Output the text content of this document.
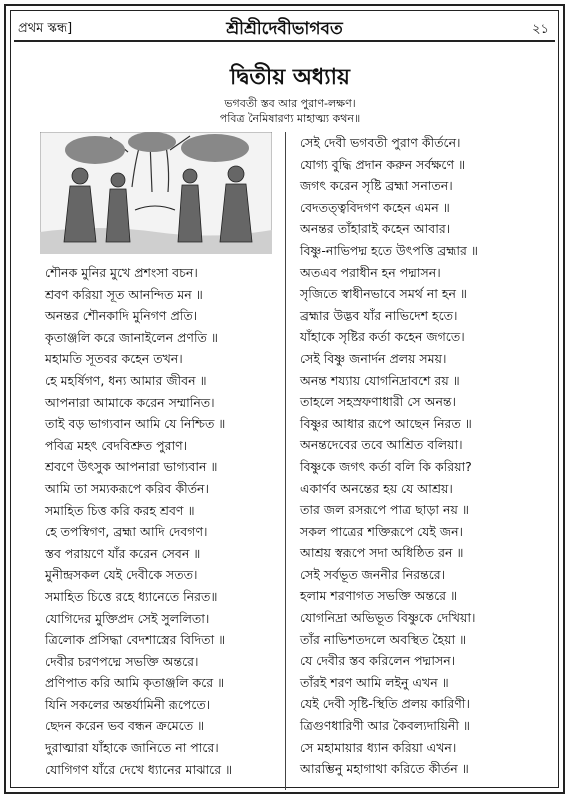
প্রথম স্কন্ধ]	শ্রীশ্রীদেবীভাগবত	২১
দ্বিতীয় অধ্যায়
ভগবতী স্তব আর পুরাণ-লক্ষণ।
পবিত্র নৈমিষারণ্য মাহাত্ম্য কথন॥
শৌনক মুনির মুখে প্রশংসা বচন।
শ্রবণ করিয়া সূত আনন্দিত মন ॥
অনন্তর শৌনকাদি মুনিগণ প্রতি।
কৃতাঞ্জলি করে জানাইলেন প্রণতি ॥
মহামতি সূতবর কহেন তখন।
হে মহর্ষিগণ, ধন্য আমার জীবন ॥
আপনারা আমাকে করেন সম্মানিত।
তাই বড় ভাগ্যবান আমি যে নিশ্চিত ॥
পবিত্র মহৎ বেদবিশ্রুত পুরাণ।
শ্রবণে উৎসুক আপনারা ভাগ্যবান ॥
আমি তা সম্যকরূপে করিব কীর্তন।
সমাহিত চিত্ত করি করহ শ্রবণ ॥
হে তপস্বিগণ, ব্রহ্মা আদি দেবগণ।
স্তব পরায়ণে যাঁর করেন সেবন ॥
মুনীন্দ্রসকল যেই দেবীকে সতত।
সমাহিত চিত্তে রহে ধ্যানেতে নিরত॥
যোগিদের মুক্তিপ্রদ সেই সুললিতা।
ত্রিলোক প্রসিদ্ধা বেদশাস্ত্রের বিদিতা ॥
দেবীর চরণপদ্মে সভক্তি অন্তরে।
প্রণিপাত করি আমি কৃতাঞ্জলি করে ॥
যিনি সকলের অন্তর্যামিনী রূপেতে।
ছেদন করেন ভব বন্ধন ক্রমেতে ॥
দুরাত্মারা যাঁহাকে জানিতে না পারে।
যোগিগণ যাঁরে দেখে ধ্যানের মাঝারে ॥
সেই দেবী ভগবতী পুরাণ কীর্তনে।
যোগ্য বুদ্ধি প্রদান করুন সর্বক্ষণে ॥
জগৎ করেন সৃষ্টি ব্রহ্মা সনাতন।
বেদতত্ত্ববিদগণ কহেন এমন ॥
অনন্তর তাঁহারাই কহেন আবার।
বিষ্ণু-নাভিপদ্ম হতে উৎপত্তি ব্রহ্মার ॥
অতএব পরাধীন হন পদ্মাসন।
সৃজিতে স্বাধীনভাবে সমর্থ না হন ॥
ব্রহ্মার উদ্ভব যাঁর নাভিদেশ হতে।
যাঁহাকে সৃষ্টির কর্তা কহেন জগতে।
সেই বিষ্ণু জনার্দন প্রলয় সময়।
অনন্ত শয্যায় যোগনিদ্রাবশে রয় ॥
তাহলে সহস্রফণাধারী সে অনন্ত।
বিষ্ণুর আধার রূপে আছেন নিরত ॥
অনন্তদেবের তবে আশ্রিত বলিয়া।
বিষ্ণুকে জগৎ কর্তা বলি কি করিয়া?
একার্ণব অনন্তের হয় যে আশ্রয়।
তার জল রসরূপে পাত্র ছাড়া নয় ॥
সকল পাত্রের শক্তিরূপে যেই জন।
আশ্রয় স্বরূপে সদা অধিষ্ঠিত রন ॥
সেই সর্বভূত জননীর নিরন্তরে।
হলাম শরণাগত সভক্তি অন্তরে ॥
যোগনিদ্রা অভিভূত বিষ্ণুকে দেখিয়া।
তাঁর নাভিশতদলে অবস্থিত হৈয়া ॥
যে দেবীর স্তব করিলেন পদ্মাসন।
তাঁরই শরণ আমি লইনু এখন ॥
যেই দেবী সৃষ্টি-স্থিতি প্রলয় কারিণী।
ত্রিগুণধারিণী আর কৈবল্যদায়িনী ॥
সে মহামায়ার ধ্যান করিয়া এখন।
আরম্ভিনু মহাগাথা করিতে কীর্তন ॥
